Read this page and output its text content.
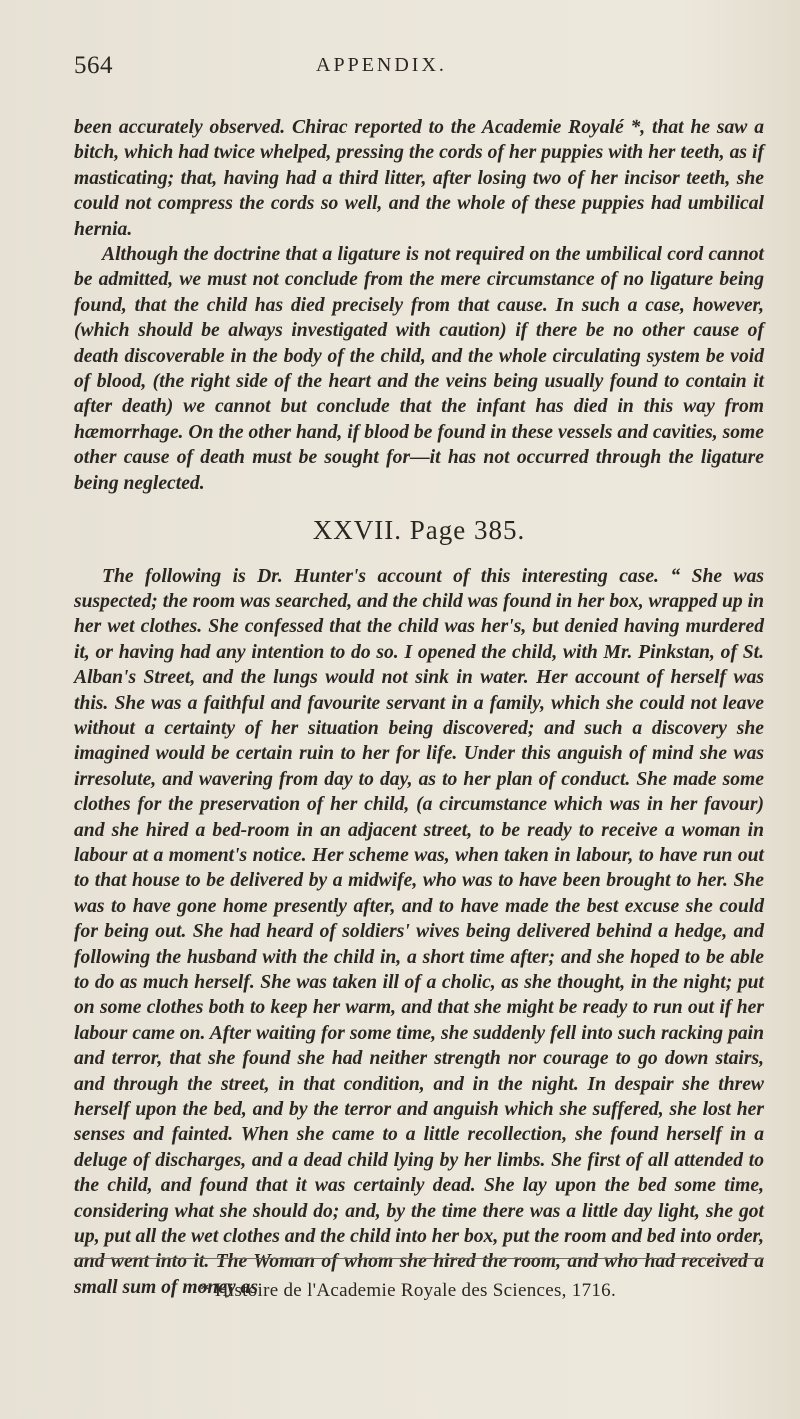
564	APPENDIX.

been accurately observed. Chirac reported to the Academie Royalé *, that he saw a bitch, which had twice whelped, pressing the cords of her puppies with her teeth, as if masticating; that, having had a third litter, after losing two of her incisor teeth, she could not compress the cords so well, and the whole of these puppies had umbilical hernia.

Although the doctrine that a ligature is not required on the umbilical cord cannot be admitted, we must not conclude from the mere circumstance of no ligature being found, that the child has died precisely from that cause. In such a case, however, (which should be always investigated with caution) if there be no other cause of death discoverable in the body of the child, and the whole circulating system be void of blood, (the right side of the heart and the veins being usually found to contain it after death) we cannot but conclude that the infant has died in this way from hæmorrhage. On the other hand, if blood be found in these vessels and cavities, some other cause of death must be sought for—it has not occurred through the ligature being neglected.

XXVII. Page 385.

The following is Dr. Hunter's account of this interesting case. “ She was suspected; the room was searched, and the child was found in her box, wrapped up in her wet clothes. She confessed that the child was her's, but denied having murdered it, or having had any intention to do so. I opened the child, with Mr. Pinkstan, of St. Alban's Street, and the lungs would not sink in water. Her account of herself was this. She was a faithful and favourite servant in a family, which she could not leave without a certainty of her situation being discovered; and such a discovery she imagined would be certain ruin to her for life. Under this anguish of mind she was irresolute, and wavering from day to day, as to her plan of conduct. She made some clothes for the preservation of her child, (a circumstance which was in her favour) and she hired a bed-room in an adjacent street, to be ready to receive a woman in labour at a moment's notice. Her scheme was, when taken in labour, to have run out to that house to be delivered by a midwife, who was to have been brought to her. She was to have gone home presently after, and to have made the best excuse she could for being out. She had heard of soldiers' wives being delivered behind a hedge, and following the husband with the child in, a short time after; and she hoped to be able to do as much herself. She was taken ill of a cholic, as she thought, in the night; put on some clothes both to keep her warm, and that she might be ready to run out if her labour came on. After waiting for some time, she suddenly fell into such racking pain and terror, that she found she had neither strength nor courage to go down stairs, and through the street, in that condition, and in the night. In despair she threw herself upon the bed, and by the terror and anguish which she suffered, she lost her senses and fainted. When she came to a little recollection, she found herself in a deluge of discharges, and a dead child lying by her limbs. She first of all attended to the child, and found that it was certainly dead. She lay upon the bed some time, considering what she should do; and, by the time there was a little day light, she got up, put all the wet clothes and the child into her box, put the room and bed into order, and went into it. The Woman of whom she hired the room, and who had received a small sum of money as

* Histoire de l'Academie Royale des Sciences, 1716.
